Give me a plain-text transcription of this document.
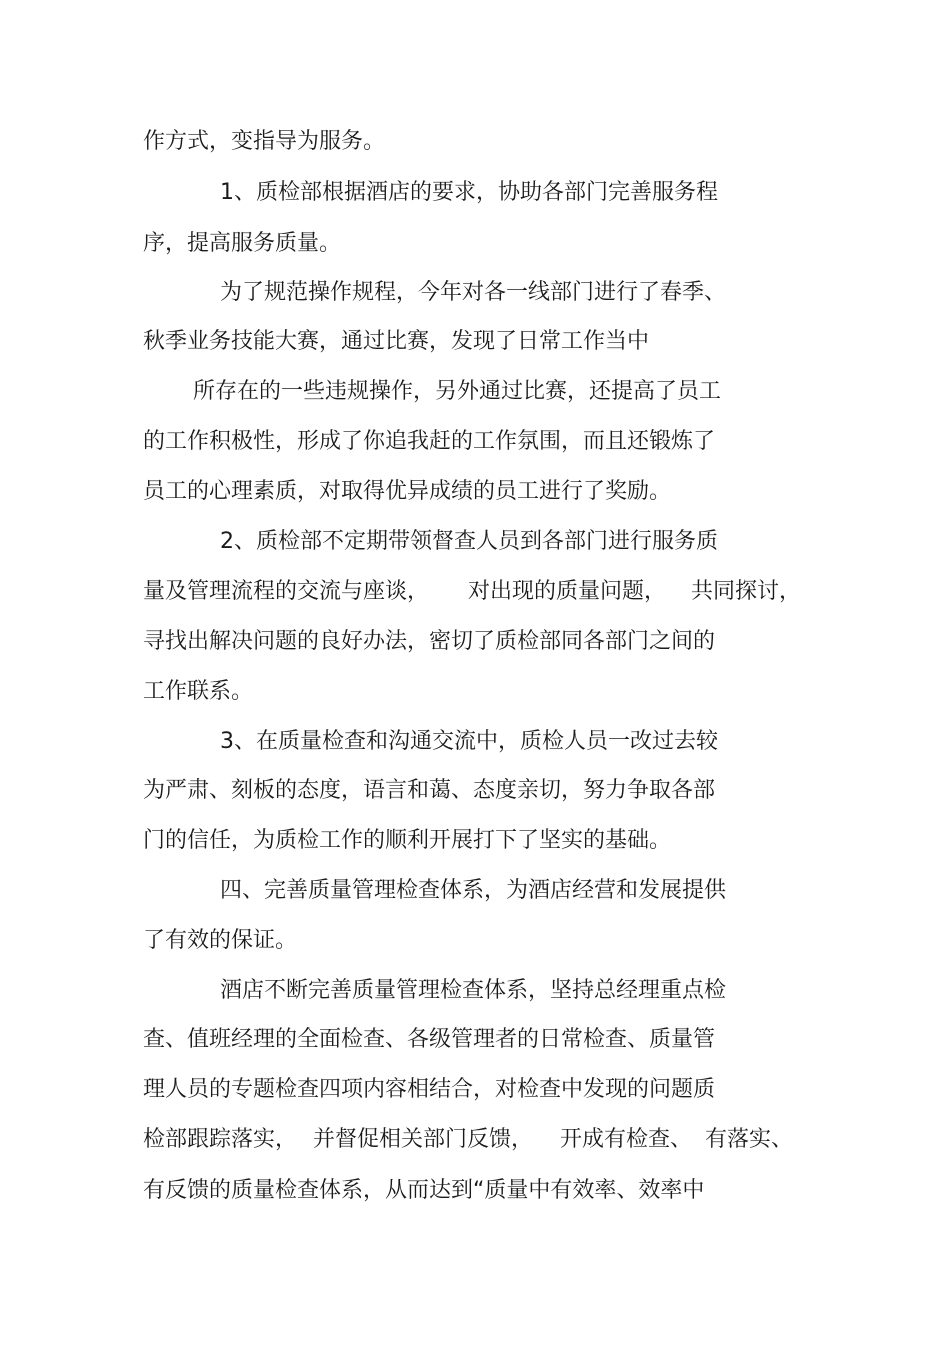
作方式，变指导为服务。
1、质检部根据酒店的要求，协助各部门完善服务程
序，提高服务质量。
为了规范操作规程，今年对各一线部门进行了春季、
秋季业务技能大赛，通过比赛，发现了日常工作当中
所存在的一些违规操作，另外通过比赛，还提高了员工
的工作积极性，形成了你追我赶的工作氛围，而且还锻炼了
员工的心理素质，对取得优异成绩的员工进行了奖励。
2、质检部不定期带领督查人员到各部门进行服务质
量及管理流程的交流与座谈， 对出现的质量问题， 共同探讨，
寻找出解决问题的良好办法，密切了质检部同各部门之间的
工作联系。
3、在质量检查和沟通交流中，质检人员一改过去较
为严肃、刻板的态度，语言和蔼、态度亲切，努力争取各部
门的信任，为质检工作的顺利开展打下了坚实的基础。
四、完善质量管理检查体系，为酒店经营和发展提供
了有效的保证。
酒店不断完善质量管理检查体系，坚持总经理重点检
查、值班经理的全面检查、各级管理者的日常检查、质量管
理人员的专题检查四项内容相结合，对检查中发现的问题质
检部跟踪落实， 并督促相关部门反馈， 开成有检查、 有落实、
有反馈的质量检查体系，从而达到“质量中有效率、效率中
